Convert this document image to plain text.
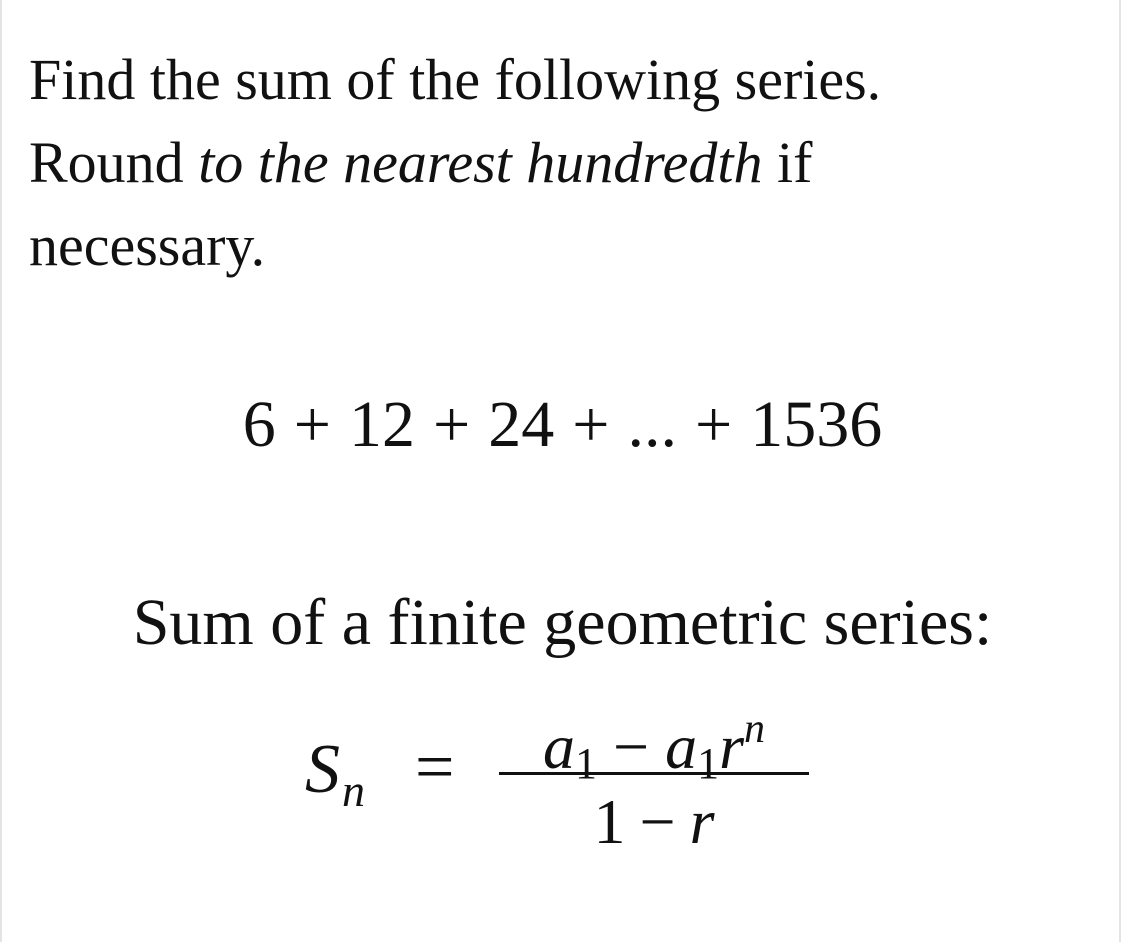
Find the sum of the following series.
Round to the nearest hundredth if
necessary.
6 + 12 + 24 + ... + 1536
Sum of a finite geometric series:
$S_n$ =	$a_1 - a_1r^n$
1 − r
